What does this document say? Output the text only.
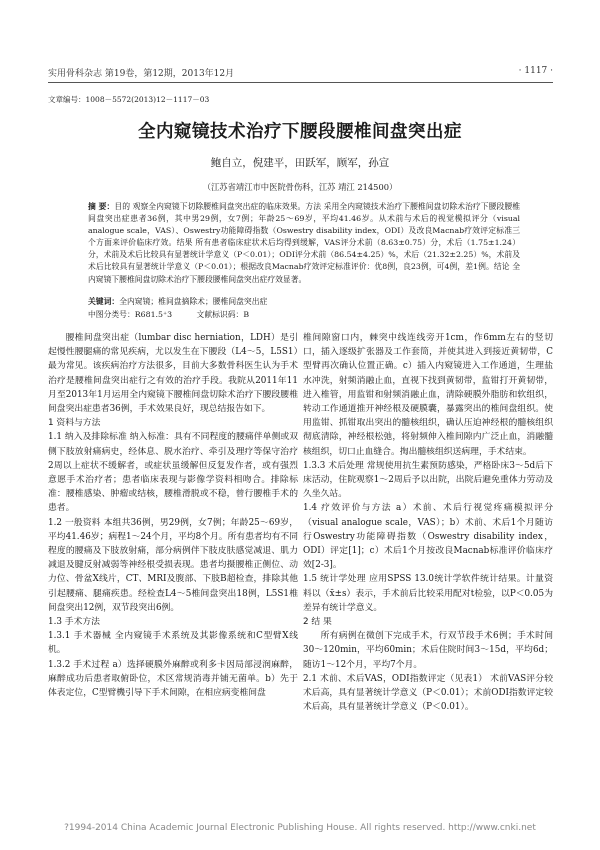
实用骨科杂志 第19卷，第12期，2013年12月	· 1117 ·
文章编号：1008－5572(2013)12－1117－03
全内窥镜技术治疗下腰段腰椎间盘突出症
鲍自立，倪建平，田跃军，顾军，孙宣
（江苏省靖江市中医院骨伤科，江苏 靖江 214500）
摘 要：目的 观察全内窥镜下切除腰椎间盘突出症的临床效果。方法 采用全内窥镜技术治疗下腰椎间盘切除术治疗下腰段腰椎间盘突出症患者36例，其中男29例，女7例；年龄25～69岁，平均41.46岁。从术前与术后的视觉模拟评分（visual analogue scale，VAS）、Oswestry功能障碍指数（Oswestry disability index，ODI）及改良Macnab疗效评定标准三个方面来评价临床疗效。结果 所有患者临床症状术后均得到缓解，VAS评分术前（8.63±0.75）分，术后（1.75±1.24）分，术前及术后比较具有显著统计学意义（P＜0.01）；ODI评分术前（86.54±4.25）%，术后（21.32±2.25）%，术前及术后比较具有显著统计学意义（P＜0.01）；根据改良Macnab疗效评定标准评价：优8例，良23例，可4例，差1例。结论 全内窥镜下腰椎间盘切除术治疗下腰段腰椎间盘突出症疗效显著。
关键词：全内窥镜；椎间盘摘除术；腰椎间盘突出症
中图分类号：R681.5⁺3	文献标识码：B

腰椎间盘突出症（lumbar disc herniation，LDH）是引起慢性腰腿痛的常见疾病，尤以发生在下腰段（L4～5，L5S1）最为常见。该疾病治疗方法很多，目前大多数骨科医生认为手术治疗是腰椎间盘突出症行之有效的治疗手段。我院从2011年11月至2013年1月运用全内窥镜下腰椎间盘切除术治疗下腰段腰椎间盘突出症患者36例，手术效果良好，现总结报告如下。

1 资料与方法

1.1 纳入及排除标准 纳入标准：具有不同程度的腰痛伴单侧或双侧下肢放射痛病史，经体息、脱水治疗、牵引及理疗等保守治疗2周以上症状不缓解者，或症状虽缓解但反复发作者，或有强烈意愿手术治疗者；患者临床表现与影像学资料相吻合。排除标准：腰椎感染、肿瘤或结核，腰椎滑脱或不稳，曾行腰椎手术的患者。

1.2 一般资料 本组共36例，男29例，女7例；年龄25～69岁，平均41.46岁；病程1～24个月，平均8个月。所有患者均有不同程度的腰痛及下肢放射痛，部分病例伴下肢皮肤感觉减退、肌力减退及腱反射减弱等神经根受损表现。患者均摄腰椎正侧位、动力位、骨盆X线片，CT、MRI及腹部、下肢B超检查，排除其他引起腰痛、腿痛疾患。经检查L4～5椎间盘突出18例，L5S1椎间盘突出12例，双节段突出6例。

1.3 手术方法

1.3.1 手术器械 全内窥镜手术系统及其影像系统和C型臂X线机。

1.3.2 手术过程 a）选择硬膜外麻醉或利多卡因局部浸润麻醉，麻醉成功后患者取俯卧位，术区常规消毒并铺无菌单。b）先于体表定位，C型臂機引导下手术间隙，在相应病变椎间盘

椎间隙窗口内，棘突中线连线旁开1cm，作6mm左右的竖切口，插入逐级扩张器及工作套筒，并使其进入到接近黄韧带，C型臂再次确认位置正确。c）插入内窥镜进入工作通道，生理盐水冲洗，射频消融止血，直视下找到黄韧带，监钳打开黄韧带，进入椎管，用监钳和射频消融止血，清除硬膜外脂肪和软组织，转动工作通道推开神经根及硬膜囊，暴露突出的椎间盘组织。使用监钳、抓钳取出突出的髓核组织，确认压迫神经根的髓核组织彻底清除，神经根松弛，将射频伸入椎间隙内广泛止血，消融髓核组织，切口止血缝合。掏出髓核组织送病理，手术结束。

1.3.3 术后处理 常规使用抗生素预防感染，严格卧床3～5d后下床活动，住院观察1～2周后予以出院，出院后避免重体力劳动及久坐久站。

1.4 疗效评价与方法 a）术前、术后行视觉疼痛模拟评分（visual analogue scale，VAS）；b）术前、术后1个月随访行Oswestry功能障碍指数（Oswestry disability index，ODI）评定[1]；c）术后1个月按改良Macnab标准评价临床疗效[2-3]。

1.5 统计学处理 应用SPSS 13.0统计学软件统计结果。计量资料以（x̄±s）表示，手术前后比较采用配对t检验，以P＜0.05为差异有统计学意义。

2 结 果

所有病例在微创下完成手术，行双节段手术6例；手术时间30～120min，平均60min；术后住院时间3～15d，平均6d；随访1～12个月，平均7个月。

2.1 术前、术后VAS，ODI指数评定（见表1） 术前VAS评分较术后高，具有显著统计学意义（P＜0.01）；术前ODI指数评定较术后高，具有显著统计学意义（P＜0.01）。

?1994-2014 China Academic Journal Electronic Publishing House. All rights reserved. http://www.cnki.net
